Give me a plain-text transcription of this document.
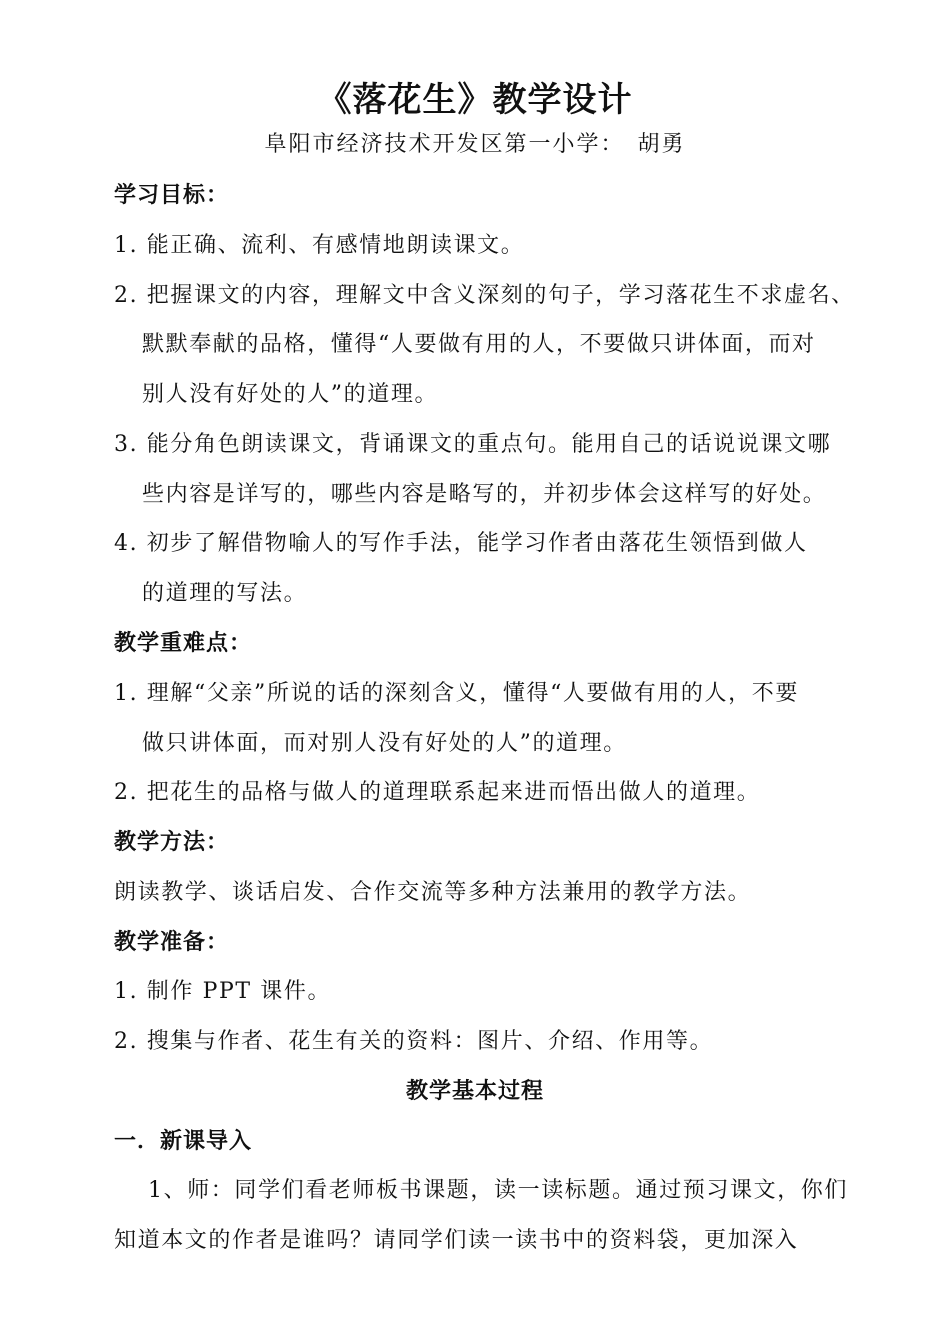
《落花生》教学设计
阜阳市经济技术开发区第一小学：　胡勇
学习目标：
1. 能正确、流利、有感情地朗读课文。
2. 把握课文的内容，理解文中含义深刻的句子，学习落花生不求虚名、
默默奉献的品格，懂得“人要做有用的人，不要做只讲体面，而对
别人没有好处的人”的道理。
3. 能分角色朗读课文，背诵课文的重点句。能用自己的话说说课文哪
些内容是详写的，哪些内容是略写的，并初步体会这样写的好处。
4. 初步了解借物喻人的写作手法，能学习作者由落花生领悟到做人
的道理的写法。
教学重难点：
1. 理解“父亲”所说的话的深刻含义，懂得“人要做有用的人，不要
做只讲体面，而对别人没有好处的人”的道理。
2. 把花生的品格与做人的道理联系起来进而悟出做人的道理。
教学方法：
朗读教学、谈话启发、合作交流等多种方法兼用的教学方法。
教学准备：
1. 制作 PPT 课件。
2. 搜集与作者、花生有关的资料：图片、介绍、作用等。
教学基本过程
一．新课导入
1、师：同学们看老师板书课题，读一读标题。通过预习课文，你们
知道本文的作者是谁吗？请同学们读一读书中的资料袋，更加深入
